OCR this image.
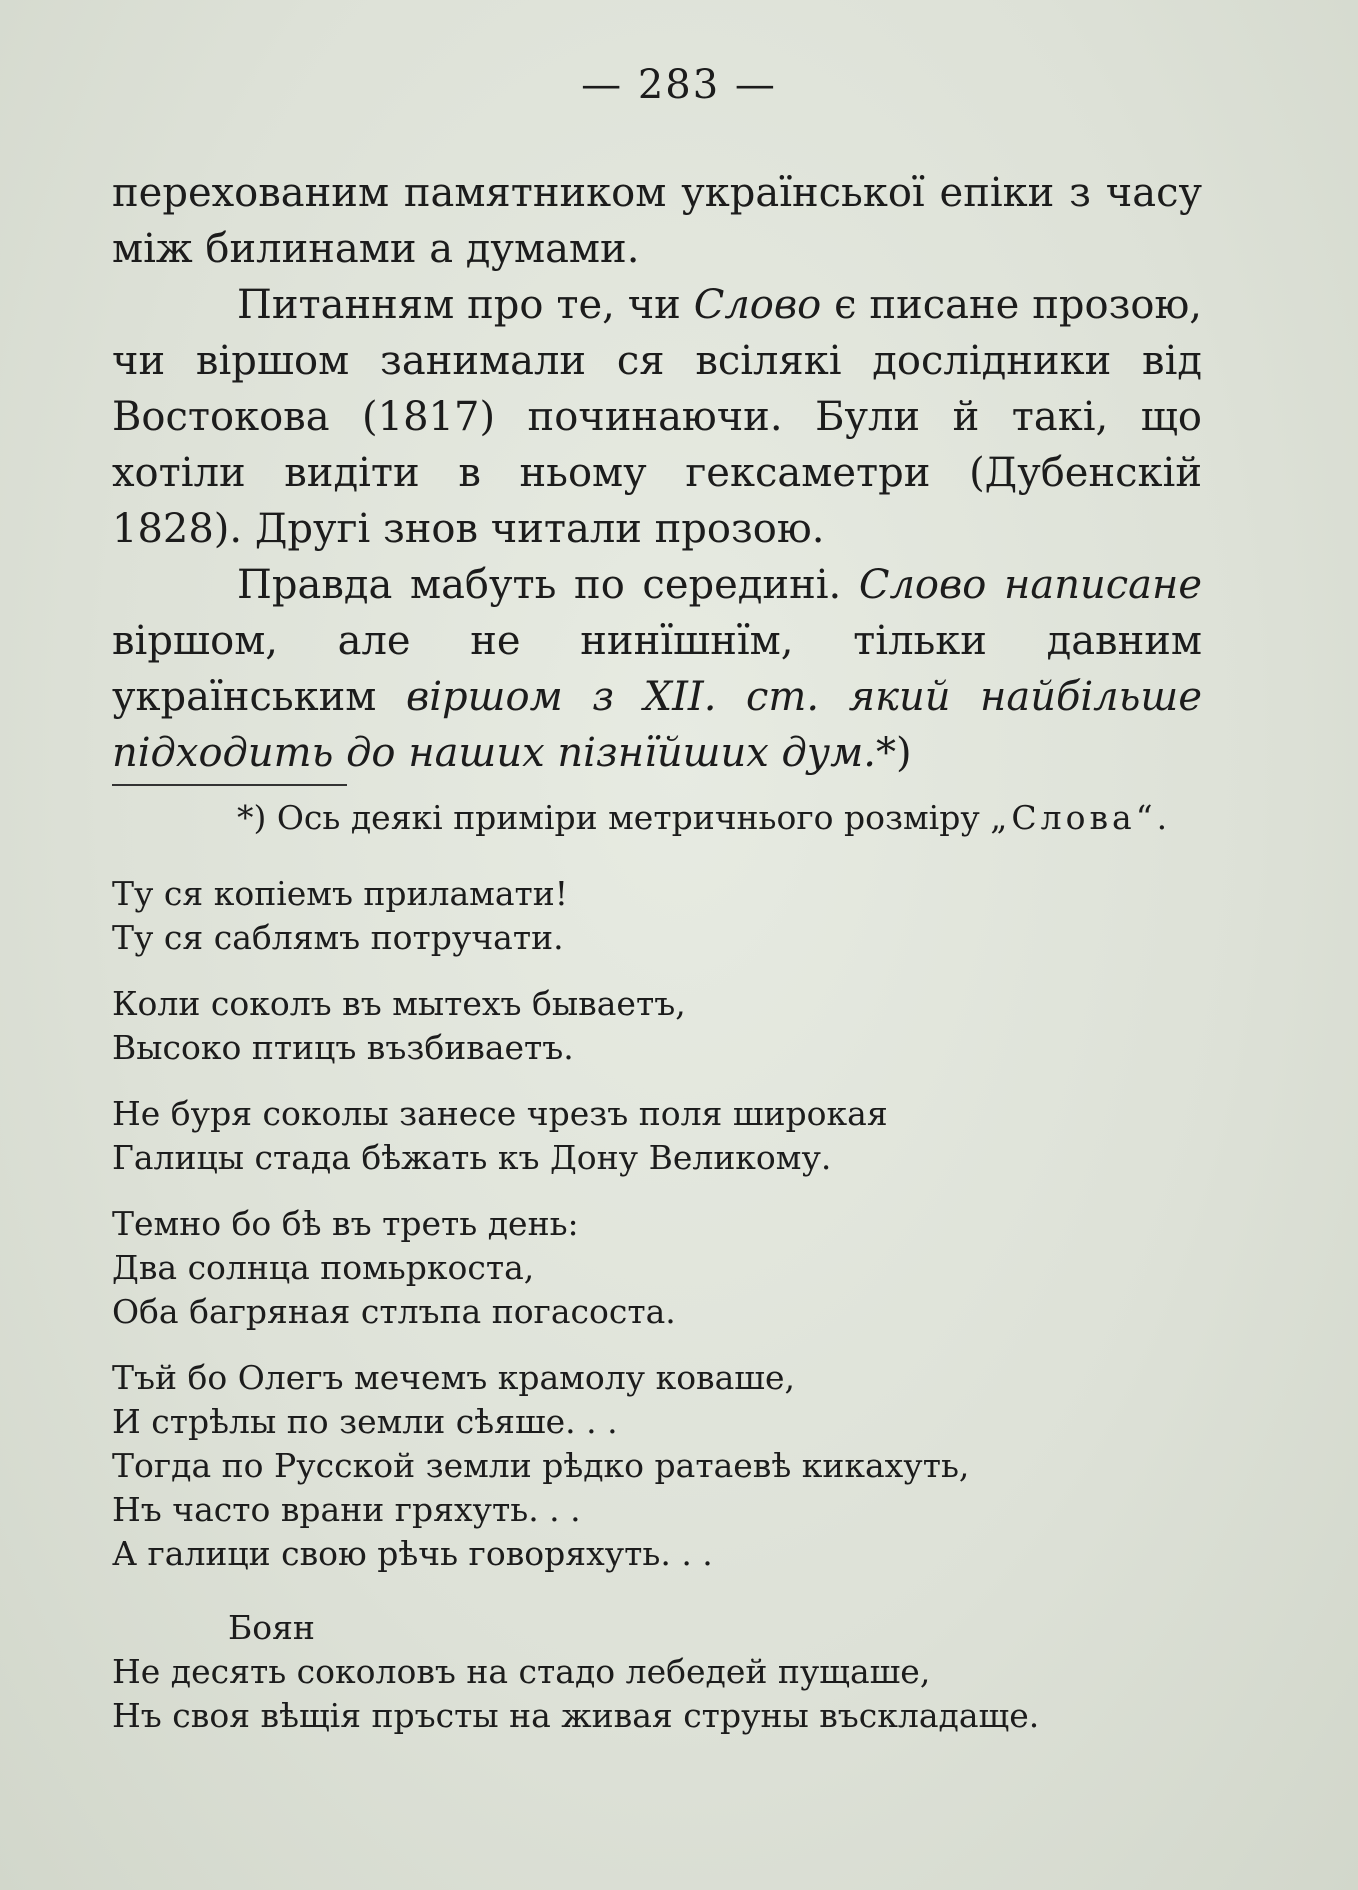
— 283 —

перехованим памятником української епіки з часу між билинами а думами.

Питанням про те, чи Слово є писане прозою, чи віршом занимали ся всілякі дослідники від Востокова (1817) починаючи. Були й такі, що хотіли видіти в ньому гексаметри (Дубенскій 1828). Другі знов читали прозою.

Правда мабуть по середині. Слово написане віршом, але не нинїшнїм, тільки давним українським віршом з XII. ст. який найбільше підходить до наших пізнїйших дум.*)

*) Ось деякі приміри метричнього розміру „Слова“.

Ту ся копіемъ приламати!
Ту ся саблямъ потручати.
Коли соколъ въ мытехъ бываетъ,
Высоко птицъ възбиваетъ.
Не буря соколы занесе чрезъ поля широкая
Галицы стада бѣжать къ Дону Великому.
Темно бо бѣ въ треть день:
Два солнца помьркоста,
Оба багряная стлъпа погасоста.
Тъй бо Олегъ мечемъ крамолу коваше,
И стрѣлы по земли сѣяше. . .
Тогда по Русской земли рѣдко ратаевѣ кикахуть,
Нъ часто врани гряхуть. . .
А галици свою рѣчь говоряхуть. . .
Боян
Не десять соколовъ на стадо лебедей пущаше,
Нъ своя вѣщія пръсты на живая струны въскладаще.
